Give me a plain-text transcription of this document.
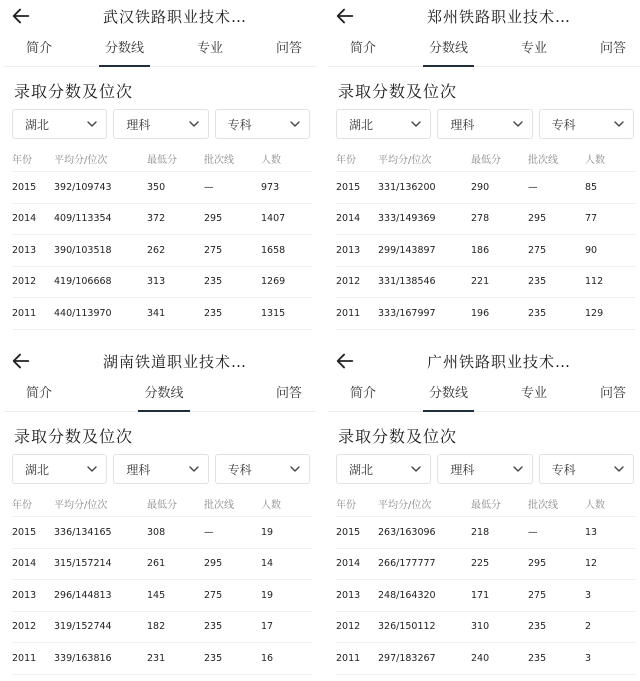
武汉铁路职业技术…
简介	分数线	专业	问答
录取分数及位次
湖北	理科	专科
年份	平均分/位次	最低分	批次线	人数
2015	392/109743	350	—	973
2014	409/113354	372	295	1407
2013	390/103518	262	275	1658
2012	419/106668	313	235	1269
2011	440/113970	341	235	1315
郑州铁路职业技术…
简介	分数线	专业	问答
录取分数及位次
湖北	理科	专科
年份	平均分/位次	最低分	批次线	人数
2015	331/136200	290	—	85
2014	333/149369	278	295	77
2013	299/143897	186	275	90
2012	331/138546	221	235	112
2011	333/167997	196	235	129
湖南铁道职业技术…
简介	分数线	问答
录取分数及位次
湖北	理科	专科
年份	平均分/位次	最低分	批次线	人数
2015	336/134165	308	—	19
2014	315/157214	261	295	14
2013	296/144813	145	275	19
2012	319/152744	182	235	17
2011	339/163816	231	235	16
广州铁路职业技术…
简介	分数线	专业	问答
录取分数及位次
湖北	理科	专科
年份	平均分/位次	最低分	批次线	人数
2015	263/163096	218	—	13
2014	266/177777	225	295	12
2013	248/164320	171	275	3
2012	326/150112	310	235	2
2011	297/183267	240	235	3
